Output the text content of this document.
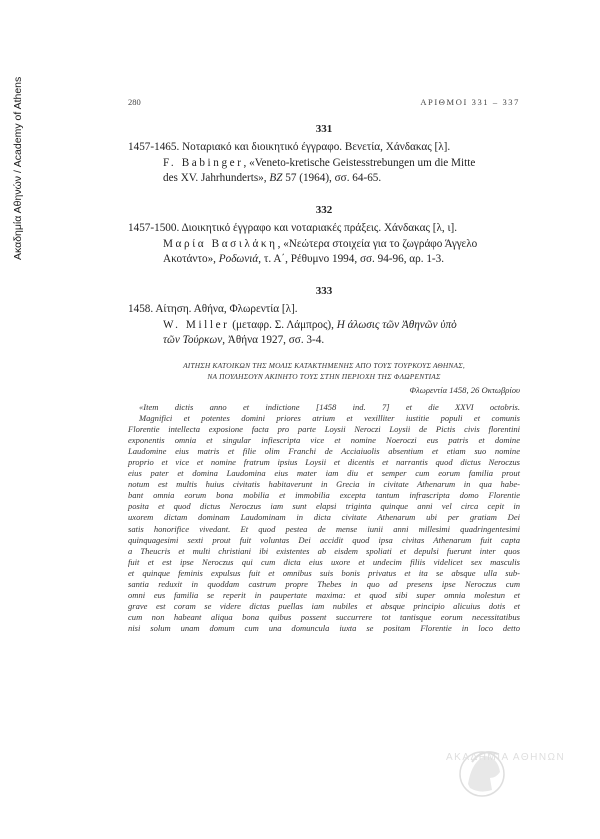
Ακαδημία Αθηνών / Academy of Athens	280	ΑΡΙΘΜΟΙ 331 – 337
331
1457-1465. Νοταριακό και διοικητικό έγγραφο. Βενετία, Χάνδακας [λ].
F. Babinger, «Veneto-kretische Geistesstrebungen um die Mitte
des XV. Jahrhunderts», BZ 57 (1964), σσ. 64-65.
332
1457-1500. Διοικητικό έγγραφο και νοταριακές πράξεις. Χάνδακας [λ, ι].
Μαρία Βασιλάκη, «Νεώτερα στοιχεία για το ζωγράφο Άγγελο
Ακοτάντο», Ροδωνιά, τ. Α΄, Ρέθυμνο 1994, σσ. 94-96, αρ. 1-3.
333
1458. Αίτηση. Αθήνα, Φλωρεντία [λ].
W. Miller (μεταφρ. Σ. Λάμπρος), Η άλωσις τῶν Ἀθηνῶν ὑπὸ
τῶν Τούρκων, Ἀθήνα 1927, σσ. 3-4.
ΑΙΤΗΣΗ ΚΑΤΟΙΚΩΝ ΤΗΣ ΜΟΛΙΣ ΚΑΤΑΚΤΗΜΕΝΗΣ ΑΠΟ ΤΟΥΣ ΤΟΥΡΚΟΥΣ ΑΘΗΝΑΣ,
ΝΑ ΠΟΥΛΗΣΟΥΝ ΑΚΙΝΗΤΟ ΤΟΥΣ ΣΤΗΝ ΠΕΡΙΟΧΗ ΤΗΣ ΦΛΩΡΕΝΤΙΑΣ
Φλωρεντία 1458, 26 Οκτωβρίου
«Item dictis anno et indictione [1458 ind. 7] et die XXVI octobris.
Magnifici et potentes domini priores atrium et vexilliter iustitie populi et comunis
Florentie intellecta exposione facta pro parte Loysii Neroczi Loysii de Pictis civis florentini
exponentis omnia et singular infiescripta vice et nomine Noeroczi eus patris et domine
Laudomine eius matris et filie olim Franchi de Acciaiuolis absentium et etiam suo nomine
proprio et vice et nomine fratrum ipsius Loysii et dicentis et narrantis quod dictus Neroczus
eius pater et domina Laudomina eius mater iam diu et semper cum eorum familia prout
notum est multis huius civitatis habitaverunt in Grecia in civitate Athenarum in qua habe-
bant omnia eorum bona mobilia et immobilia excepta tantum infrascripta domo Florentie
posita et quod dictus Neroczus iam sunt elapsi triginta quinque anni vel circa cepit in
uxorem dictam dominam Laudominam in dicta civitate Athenarum ubi per gratiam Dei
satis honorifice vivedant. Et quod pestea de mense iunii anni millesimi quadringentesimi
quinquagesimi sexti prout fuit voluntas Dei accidit quod ipsa civitas Athenarum fuit capta
a Theucris et multi christiani ibi existentes ab eisdem spoliati et depulsi fuerunt inter quos
fuit et est ipse Neroczus qui cum dicta eius uxore et undecim filiis videlicet sex masculis
et quinque feminis expulsus fuit et omnibus suis bonis privatus et ita se absque ulla sub-
santia reduxit in quoddam castrum propre Thebes in quo ad presens ipse Neroczus cum
omni eus familia se reperit in paupertate maxima: et quod sibi super omnia molestun et
grave est coram se videre dictas puellas iam nubiles et absque principio alicuius dotis et
cum non habeant aliqua bona quibus possent succurrere tot tantisque eorum necessitatibus
nisi solum unam domum cum una domuncula iuxta se positam Florentie in loco detto
ΑΚΑΔΗΜΙΑ ΑΘΗΝΩΝ
